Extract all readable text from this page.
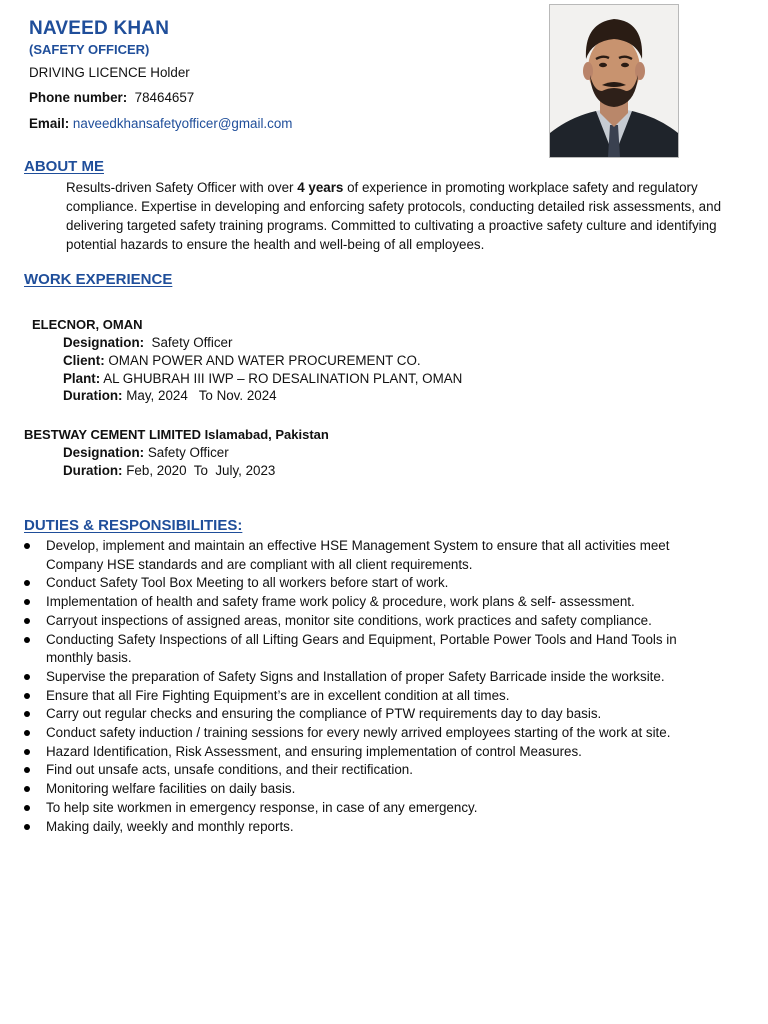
NAVEED KHAN
(SAFETY OFFICER)
DRIVING LICENCE Holder
Phone number: 78464657
Email: naveedkhansafetyofficer@gmail.com
ABOUT ME
Results-driven Safety Officer with over 4 years of experience in promoting workplace safety and regulatory compliance. Expertise in developing and enforcing safety protocols, conducting detailed risk assessments, and delivering targeted safety training programs. Committed to cultivating a proactive safety culture and identifying potential hazards to ensure the health and well-being of all employees.
WORK EXPERIENCE
ELECNOR, OMAN
Designation: Safety Officer
Client: OMAN POWER AND WATER PROCUREMENT CO.
Plant: AL GHUBRAH III IWP – RO DESALINATION PLANT, OMAN
Duration: May, 2024   To Nov. 2024
BESTWAY CEMENT LIMITED Islamabad, Pakistan
Designation: Safety Officer
Duration: Feb, 2020  To  July, 2023
DUTIES & RESPONSIBILITIES:
Develop, implement and maintain an effective HSE Management System to ensure that all activities meet Company HSE standards and are compliant with all client requirements.
Conduct Safety Tool Box Meeting to all workers before start of work.
Implementation of health and safety frame work policy & procedure, work plans & self- assessment.
Carryout inspections of assigned areas, monitor site conditions, work practices and safety compliance.
Conducting Safety Inspections of all Lifting Gears and Equipment, Portable Power Tools and Hand Tools in monthly basis.
Supervise the preparation of Safety Signs and Installation of proper Safety Barricade inside the worksite.
Ensure that all Fire Fighting Equipment’s are in excellent condition at all times.
Carry out regular checks and ensuring the compliance of PTW requirements day to day basis.
Conduct safety induction / training sessions for every newly arrived employees starting of the work at site.
Hazard Identification, Risk Assessment, and ensuring implementation of control Measures.
Find out unsafe acts, unsafe conditions, and their rectification.
Monitoring welfare facilities on daily basis.
To help site workmen in emergency response, in case of any emergency.
Making daily, weekly and monthly reports.
